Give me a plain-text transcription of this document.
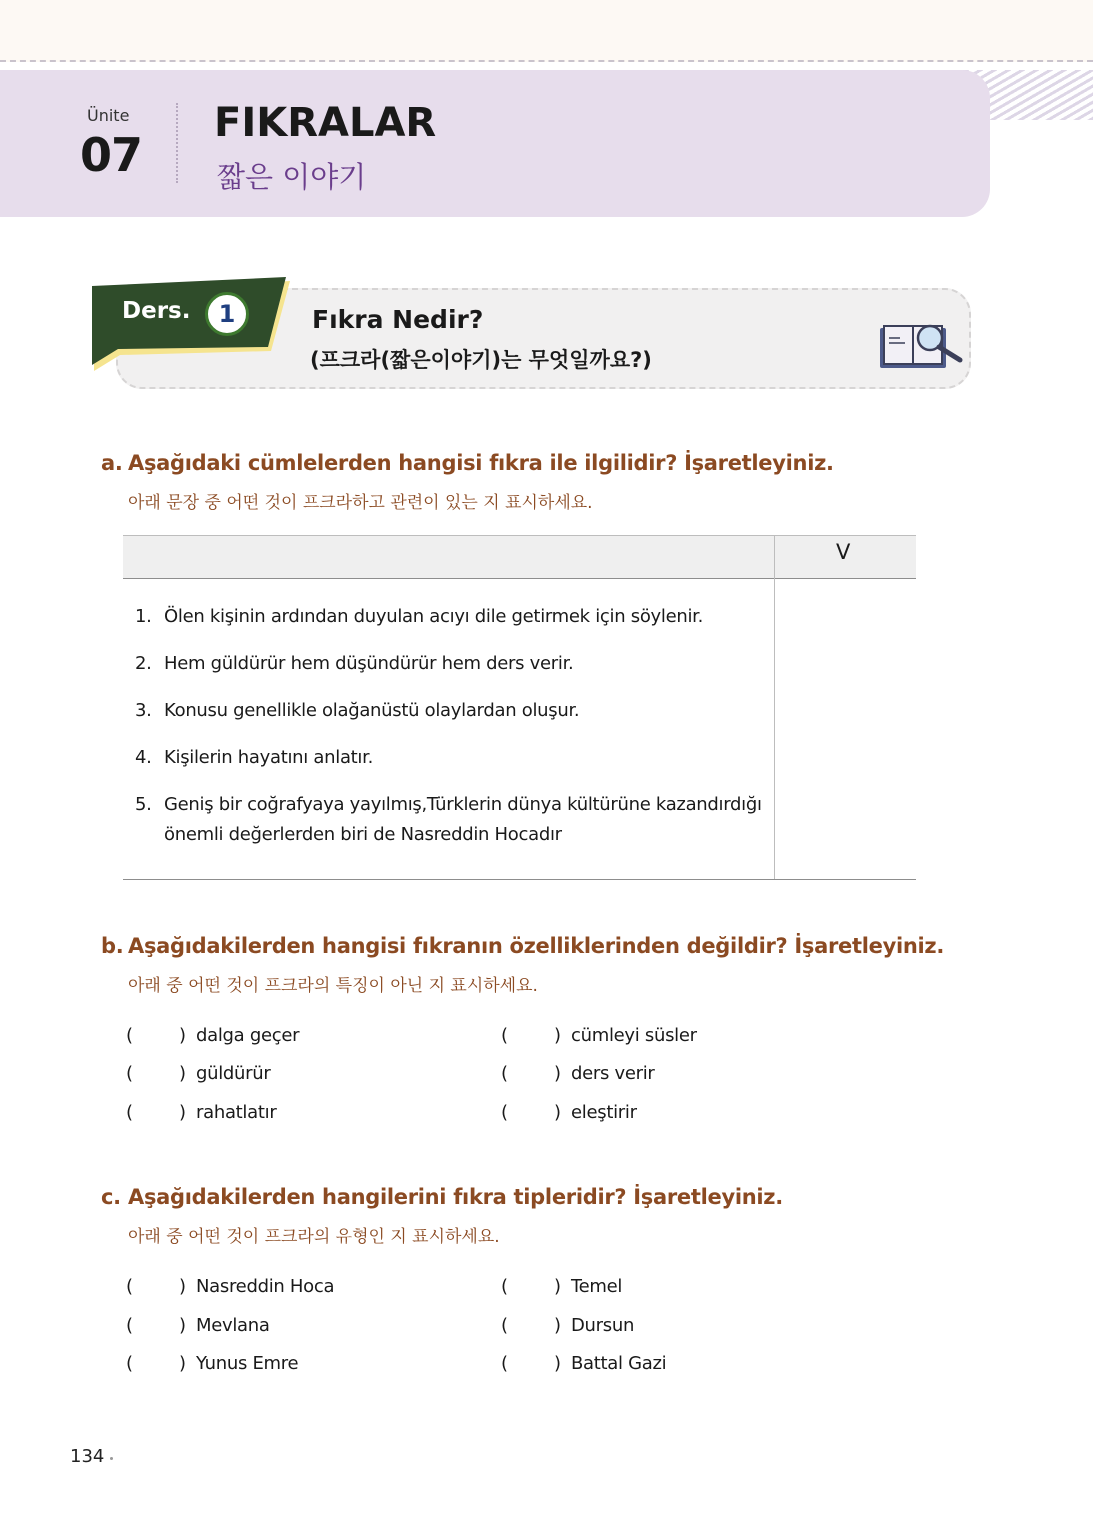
Ünite
07
FIKRALAR
짧은 이야기
Ders.	1	Fıkra Nedir?
(프크라(짧은이야기)는 무엇일까요?)
a. Aşağıdaki cümlelerden hangisi fıkra ile ilgilidir? İşaretleyiniz.
아래 문장 중 어떤 것이 프크라하고 관련이 있는 지 표시하세요.
V
1. Ölen kişinin ardından duyulan acıyı dile getirmek için söylenir.
2. Hem güldürür hem düşündürür hem ders verir.
3. Konusu genellikle olağanüstü olaylardan oluşur.
4. Kişilerin hayatını anlatır.
5. Geniş bir coğrafyaya yayılmış,Türklerin dünya kültürüne kazandırdığı önemli değerlerden biri de Nasreddin Hocadır
b. Aşağıdakilerden hangisi fıkranın özelliklerinden değildir? İşaretleyiniz.
아래 중 어떤 것이 프크라의 특징이 아닌 지 표시하세요.
(	) dalga geçer	(	) cümleyi süsler
(	) güldürür	(	) ders verir
(	) rahatlatır	(	) eleştirir
c. Aşağıdakilerden hangilerini fıkra tipleridir? İşaretleyiniz.
아래 중 어떤 것이 프크라의 유형인 지 표시하세요.
(	) Nasreddin Hoca	(	) Temel
(	) Mevlana	(	) Dursun
(	) Yunus Emre	(	) Battal Gazi
134
